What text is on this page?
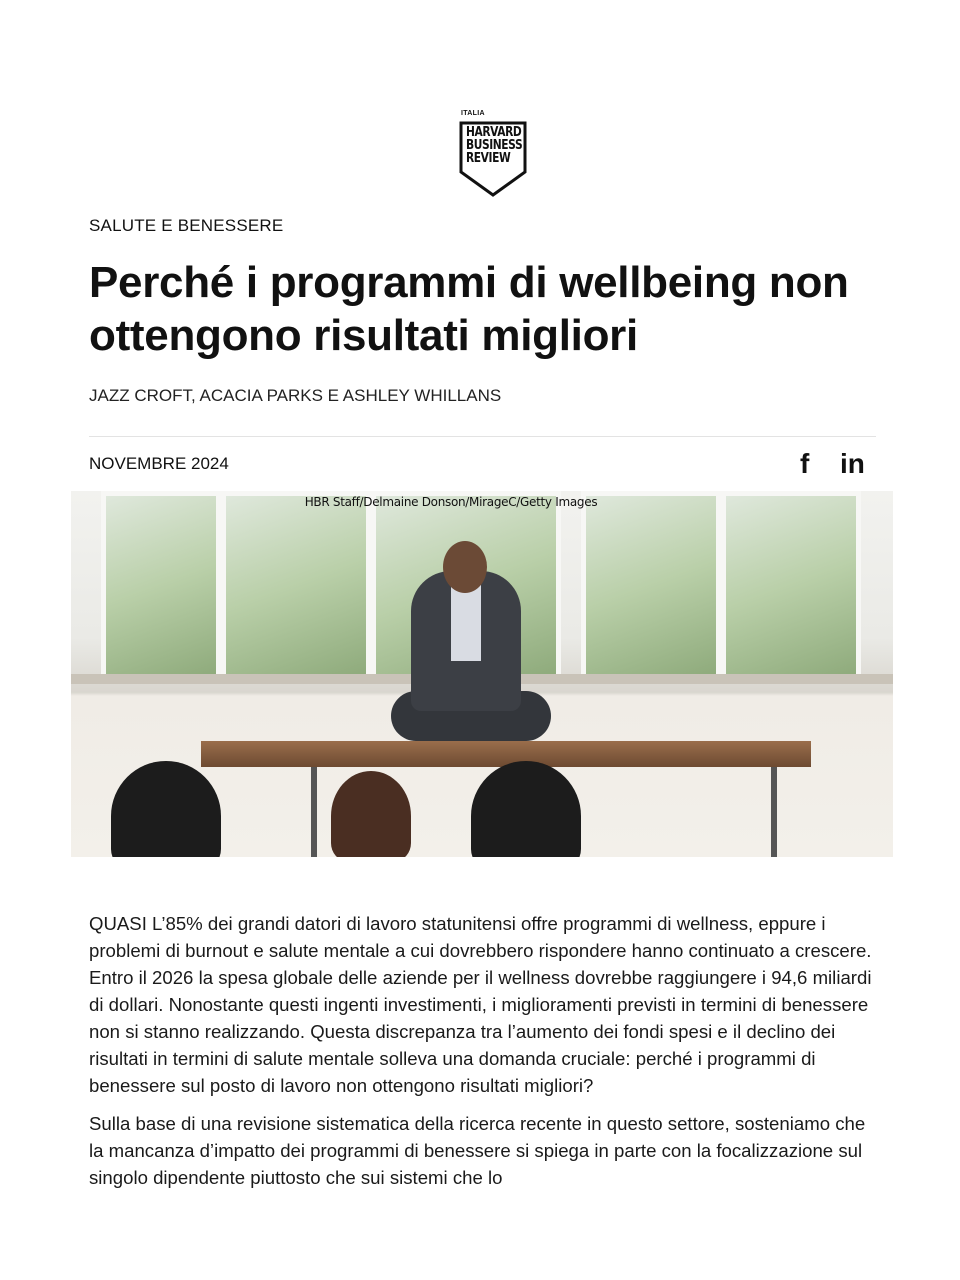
ITALIA
HARVARD
BUSINESS
REVIEW
SALUTE E BENESSERE
Perché i programmi di wellbeing non ottengono risultati migliori
JAZZ CROFT, ACACIA PARKS E ASHLEY WHILLANS
NOVEMBRE 2024	f in
HBR Staff/Delmaine Donson/MirageC/Getty Images

QUASI L’85% dei grandi datori di lavoro statunitensi offre programmi di wellness, eppure i problemi di burnout e salute mentale a cui dovrebbero rispondere hanno continuato a crescere. Entro il 2026 la spesa globale delle aziende per il wellness dovrebbe raggiungere i 94,6 miliardi di dollari. Nonostante questi ingenti investimenti, i miglioramenti previsti in termini di benessere non si stanno realizzando. Questa discrepanza tra l’aumento dei fondi spesi e il declino dei risultati in termini di salute mentale solleva una domanda cruciale: perché i programmi di benessere sul posto di lavoro non ottengono risultati migliori?

Sulla base di una revisione sistematica della ricerca recente in questo settore, sosteniamo che la mancanza d’impatto dei programmi di benessere si spiega in parte con la focalizzazione sul singolo dipendente piuttosto che sui sistemi che lo
